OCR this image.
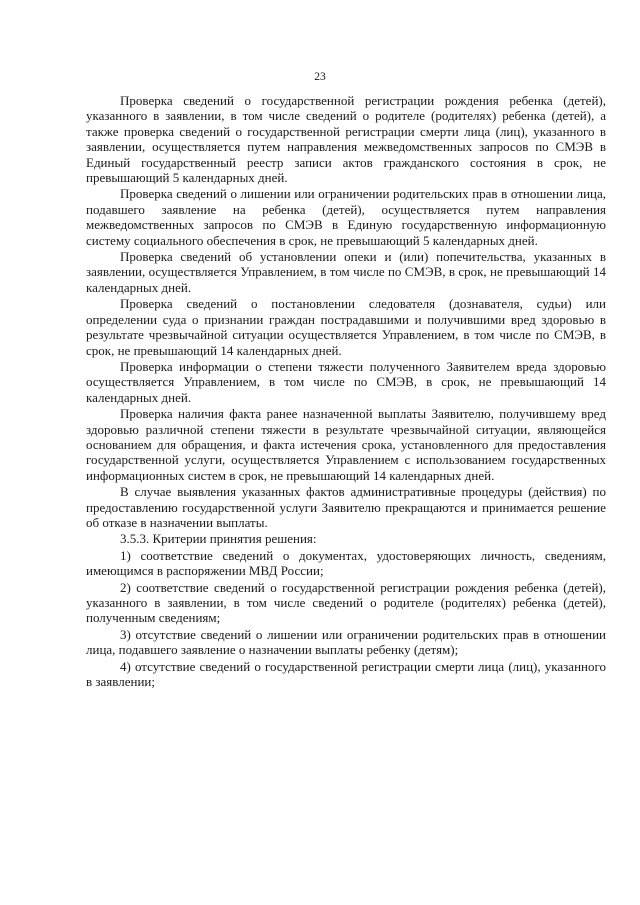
23

Проверка сведений о государственной регистрации рождения ребенка (детей), указанного в заявлении, в том числе сведений о родителе (родителях) ребенка (детей), а также проверка сведений о государственной регистрации смерти лица (лиц), указанного в заявлении, осуществляется путем направления межведомственных запросов по СМЭВ в Единый государственный реестр записи актов гражданского состояния в срок, не превышающий 5 календарных дней.

Проверка сведений о лишении или ограничении родительских прав в отношении лица, подавшего заявление на ребенка (детей), осуществляется путем направления межведомственных запросов по СМЭВ в Единую государственную информационную систему социального обеспечения в срок, не превышающий 5 календарных дней.

Проверка сведений об установлении опеки и (или) попечительства, указанных в заявлении, осуществляется Управлением, в том числе по СМЭВ, в срок, не превышающий 14 календарных дней.

Проверка сведений о постановлении следователя (дознавателя, судьи) или определении суда о признании граждан пострадавшими и получившими вред здоровью в результате чрезвычайной ситуации осуществляется Управлением, в том числе по СМЭВ, в срок, не превышающий 14 календарных дней.

Проверка информации о степени тяжести полученного Заявителем вреда здоровью осуществляется Управлением, в том числе по СМЭВ, в срок, не превышающий 14 календарных дней.

Проверка наличия факта ранее назначенной выплаты Заявителю, получившему вред здоровью различной степени тяжести в результате чрезвычайной ситуации, являющейся основанием для обращения, и факта истечения срока, установленного для предоставления государственной услуги, осуществляется Управлением с использованием государственных информационных систем в срок, не превышающий 14 календарных дней.

В случае выявления указанных фактов административные процедуры (действия) по предоставлению государственной услуги Заявителю прекращаются и принимается решение об отказе в назначении выплаты.

3.5.3. Критерии принятия решения:

1) соответствие сведений о документах, удостоверяющих личность, сведениям, имеющимся в распоряжении МВД России;

2) соответствие сведений о государственной регистрации рождения ребенка (детей), указанного в заявлении, в том числе сведений о родителе (родителях) ребенка (детей), полученным сведениям;

3) отсутствие сведений о лишении или ограничении родительских прав в отношении лица, подавшего заявление о назначении выплаты ребенку (детям);

4) отсутствие сведений о государственной регистрации смерти лица (лиц), указанного в заявлении;
